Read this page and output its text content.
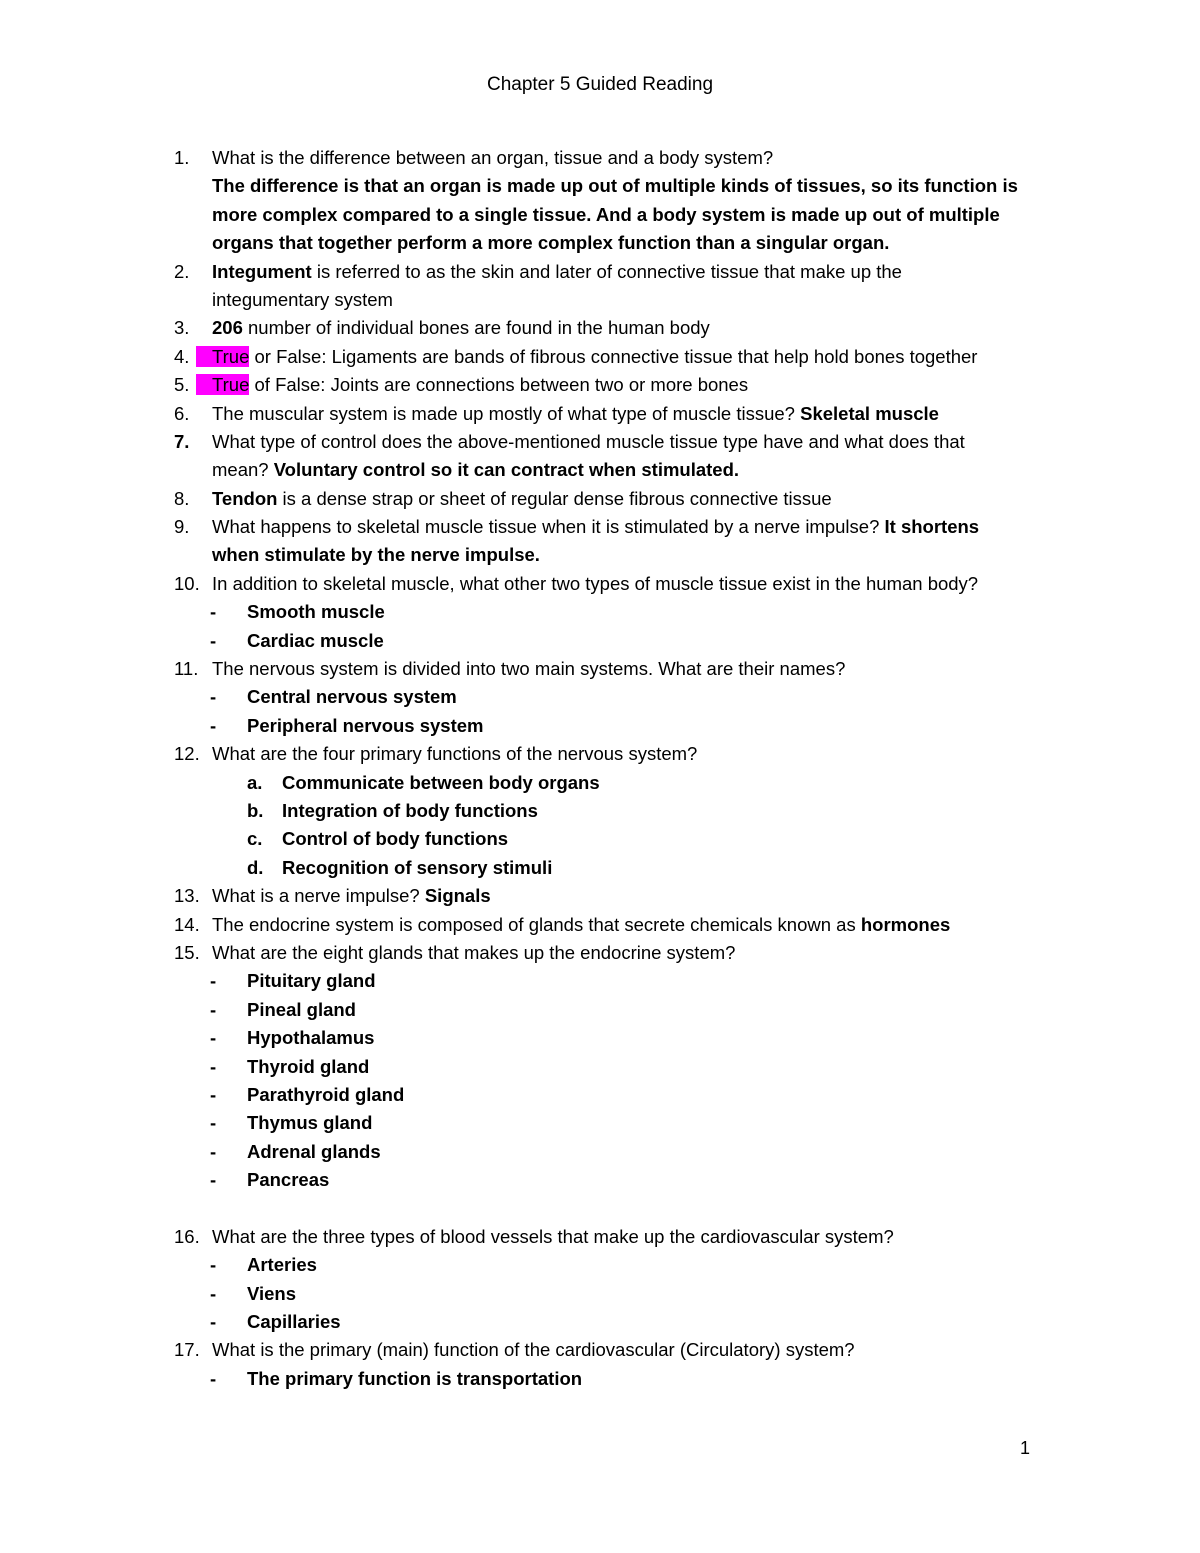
Chapter 5 Guided Reading
1. What is the difference between an organ, tissue and a body system?
The difference is that an organ is made up out of multiple kinds of tissues, so its function is
more complex compared to a single tissue. And a body system is made up out of multiple
organs that together perform a more complex function than a singular organ.
2. Integument is referred to as the skin and later of connective tissue that make up the
integumentary system
3. 206 number of individual bones are found in the human body
4.	True or False: Ligaments are bands of fibrous connective tissue that help hold bones together
5.	True of False: Joints are connections between two or more bones
6. The muscular system is made up mostly of what type of muscle tissue? Skeletal muscle
7. What type of control does the above-mentioned muscle tissue type have and what does that
mean? Voluntary control so it can contract when stimulated.
8. Tendon is a dense strap or sheet of regular dense fibrous connective tissue
9. What happens to skeletal muscle tissue when it is stimulated by a nerve impulse? It shortens
when stimulate by the nerve impulse.
10. In addition to skeletal muscle, what other two types of muscle tissue exist in the human body?
- Smooth muscle
- Cardiac muscle
11. The nervous system is divided into two main systems. What are their names?
- Central nervous system
- Peripheral nervous system
12. What are the four primary functions of the nervous system?
a. Communicate between body organs
b. Integration of body functions
c. Control of body functions
d. Recognition of sensory stimuli
13. What is a nerve impulse? Signals
14. The endocrine system is composed of glands that secrete chemicals known as hormones
15. What are the eight glands that makes up the endocrine system?
- Pituitary gland
- Pineal gland
- Hypothalamus
- Thyroid gland
- Parathyroid gland
- Thymus gland
- Adrenal glands
- Pancreas
16. What are the three types of blood vessels that make up the cardiovascular system?
- Arteries
- Viens
- Capillaries
17. What is the primary (main) function of the cardiovascular (Circulatory) system?
- The primary function is transportation
1
